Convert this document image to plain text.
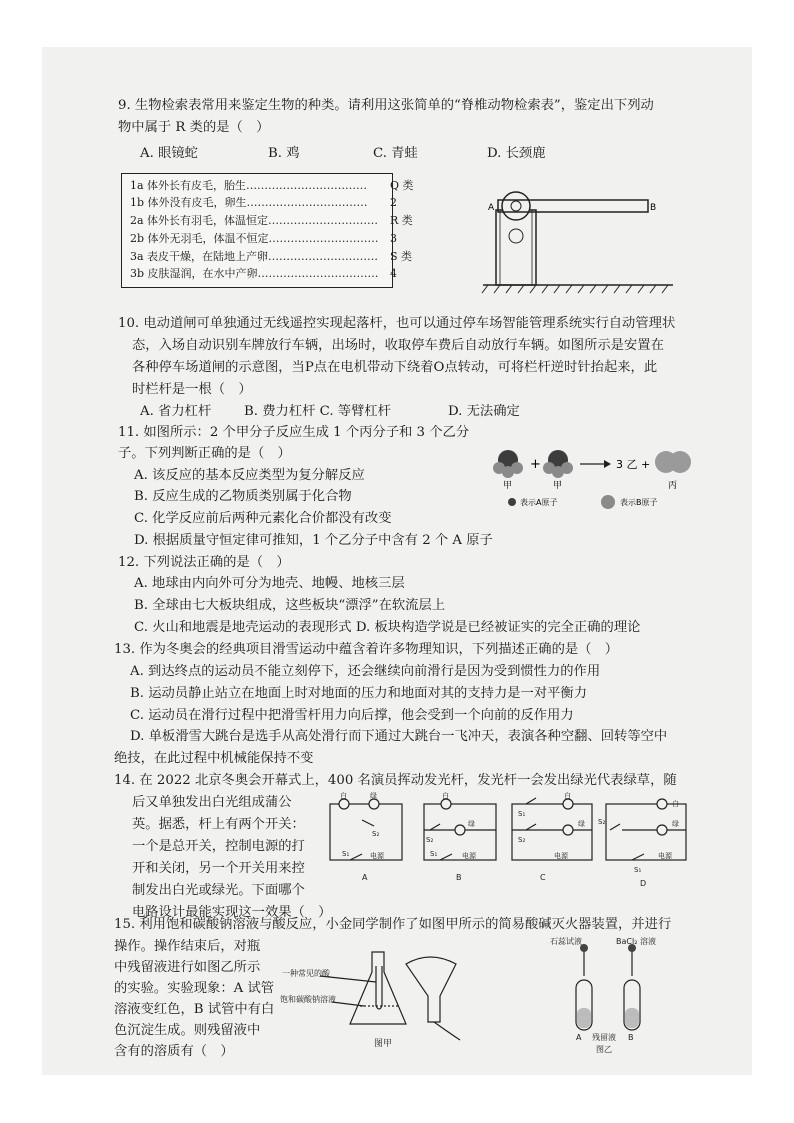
9. 生物检索表常用来鉴定生物的种类。请利用这张简单的“脊椎动物检索表”，鉴定出下列动
物中属于 R 类的是（　）
A. 眼镜蛇	B. 鸡	C. 青蛙	D. 长颈鹿
1a 体外长有皮毛，胎生…………………………… Q 类
1b 体外没有皮毛，卵生…………………………… 2
2a 体外长有羽毛，体温恒定………………………… R 类
2b 体外无羽毛，体温不恒定………………………… 3
3a 表皮干燥，在陆地上产卵………………………… S 类
3b 皮肤湿润，在水中产卵…………………………… 4
A	B
10. 电动道闸可单独通过无线遥控实现起落杆，也可以通过停车场智能管理系统实行自动管理状
态，入场自动识别车牌放行车辆，出场时，收取停车费后自动放行车辆。如图所示是安置在
各种停车场道闸的示意图，当P点在电机带动下绕着O点转动，可将栏杆逆时针抬起来，此
时栏杆是一根（　）
A. 省力杠杆 B. 费力杠杆 C. 等臂杠杆	D. 无法确定
11. 如图所示：2 个甲分子反应生成 1 个丙分子和 3 个乙分
子。下列判断正确的是（　）
A. 该反应的基本反应类型为复分解反应
B. 反应生成的乙物质类别属于化合物
C. 化学反应前后两种元素化合价都没有改变
D. 根据质量守恒定律可推知，1 个乙分子中含有 2 个 A 原子
+	3 乙 +
甲	甲	丙
表示A原子	表示B原子
12. 下列说法正确的是（　）
A. 地球由内向外可分为地壳、地幔、地核三层
B. 全球由七大板块组成，这些板块“漂浮”在软流层上
C. 火山和地震是地壳运动的表现形式 D. 板块构造学说是已经被证实的完全正确的理论
13. 作为冬奥会的经典项目滑雪运动中蕴含着许多物理知识，下列描述正确的是（　）
A. 到达终点的运动员不能立刻停下，还会继续向前滑行是因为受到惯性力的作用
B. 运动员静止站立在地面上时对地面的压力和地面对其的支持力是一对平衡力
C. 运动员在滑行过程中把滑雪杆用力向后撑，他会受到一个向前的反作用力
D. 单板滑雪大跳台是选手从高处滑行而下通过大跳台一飞冲天，表演各种空翻、回转等空中
绝技，在此过程中机械能保持不变
14. 在 2022 北京冬奥会开幕式上，400 名演员挥动发光杆，发光杆一会发出绿光代表绿草，随
后又单独发出白光组成蒲公
英。据悉，杆上有两个开关：
一个是总开关，控制电源的打
开和关闭，另一个开关用来控
制发出白光或绿光。下面哪个
电路设计最能实现这一效果（　）
白	绿
S₂
S₁	电源
A
白
绿
S₂
S₁	电源
B
白
绿
S₁
S₂
电源
C
白
绿
S₂
S₁
电源
D
15. 利用饱和碳酸钠溶液与酸反应，小金同学制作了如图甲所示的简易酸碱灭火器装置，并进行
操作。操作结束后，对瓶
中残留液进行如图乙所示
的实验。实验现象：A 试管
溶液变红色，B 试管中有白
色沉淀生成。则残留液中
含有的溶质有（　）
一种常见的酸
饱和碳酸钠溶液
图甲
石蕊试液	BaCl₂ 溶液
A 残留液 B
图乙
